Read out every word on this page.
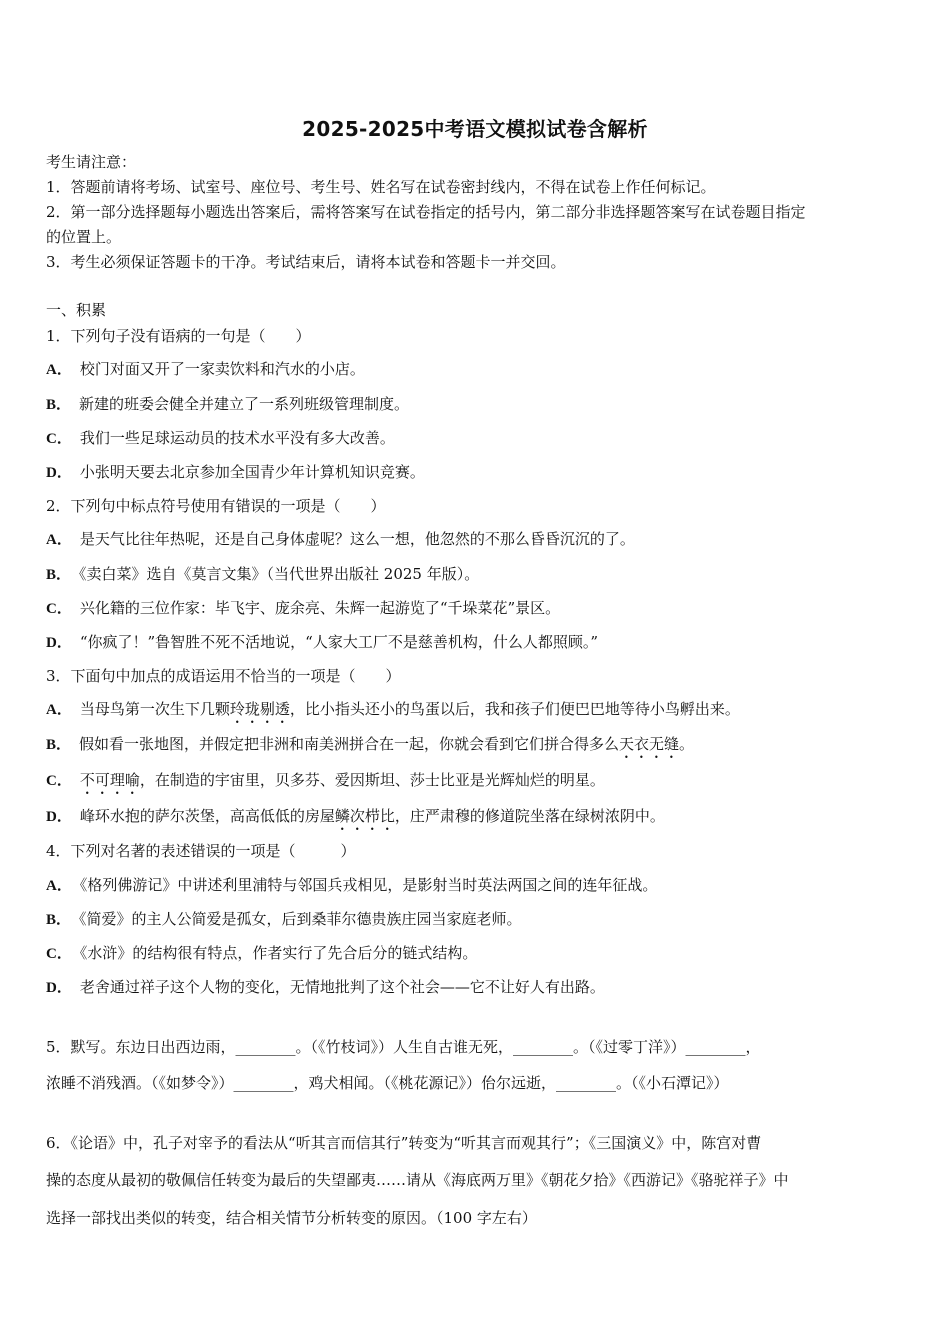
2025-2025中考语文模拟试卷含解析
考生请注意：
1．答题前请将考场、试室号、座位号、考生号、姓名写在试卷密封线内，不得在试卷上作任何标记。
2．第一部分选择题每小题选出答案后，需将答案写在试卷指定的括号内，第二部分非选择题答案写在试卷题目指定
的位置上。
3．考生必须保证答题卡的干净。考试结束后，请将本试卷和答题卡一并交回。
一、积累
1．下列句子没有语病的一句是（　　）
A． 校门对面又开了一家卖饮料和汽水的小店。
B． 新建的班委会健全并建立了一系列班级管理制度。
C． 我们一些足球运动员的技术水平没有多大改善。
D． 小张明天要去北京参加全国青少年计算机知识竞赛。
2．下列句中标点符号使用有错误的一项是（　　）
A． 是天气比往年热呢，还是自己身体虚呢？这么一想，他忽然的不那么昏昏沉沉的了。
B． 《卖白菜》选自《莫言文集》（当代世界出版社 2025 年版）。
C． 兴化籍的三位作家：毕飞宇、庞余亮、朱辉一起游览了“千垛菜花”景区。
D． “你疯了！”鲁智胜不死不活地说，“人家大工厂不是慈善机构，什么人都照顾。”
3．下面句中加点的成语运用不恰当的一项是（　　）
A． 当母鸟第一次生下几颗玲珑剔透，比小指头还小的鸟蛋以后，我和孩子们便巴巴地等待小鸟孵出来。
B． 假如看一张地图，并假定把非洲和南美洲拼合在一起，你就会看到它们拼合得多么天衣无缝。
C． 不可理喻，在制造的宇宙里，贝多芬、爱因斯坦、莎士比亚是光辉灿烂的明星。
D． 峰环水抱的萨尔茨堡，高高低低的房屋鳞次栉比，庄严肃穆的修道院坐落在绿树浓阴中。
4．下列对名著的表述错误的一项是（　　　）
A． 《格列佛游记》中讲述利里浦特与邻国兵戎相见，是影射当时英法两国之间的连年征战。
B． 《简爱》的主人公简爱是孤女，后到桑菲尔德贵族庄园当家庭老师。
C． 《水浒》的结构很有特点，作者实行了先合后分的链式结构。
D． 老舍通过祥子这个人物的变化，无情地批判了这个社会——它不让好人有出路。
5．默写。东边日出西边雨，________。（《竹枝词》）人生自古谁无死，________。（《过零丁洋》）________，
浓睡不消残酒。（《如梦令》）________，鸡犬相闻。（《桃花源记》）佁尔远逝，________。（《小石潭记》）
6．《论语》中，孔子对宰予的看法从“听其言而信其行”转变为“听其言而观其行”；《三国演义》中，陈宫对曹
操的态度从最初的敬佩信任转变为最后的失望鄙夷……请从《海底两万里》《朝花夕拾》《西游记》《骆驼祥子》中
选择一部找出类似的转变，结合相关情节分析转变的原因。（100 字左右）
